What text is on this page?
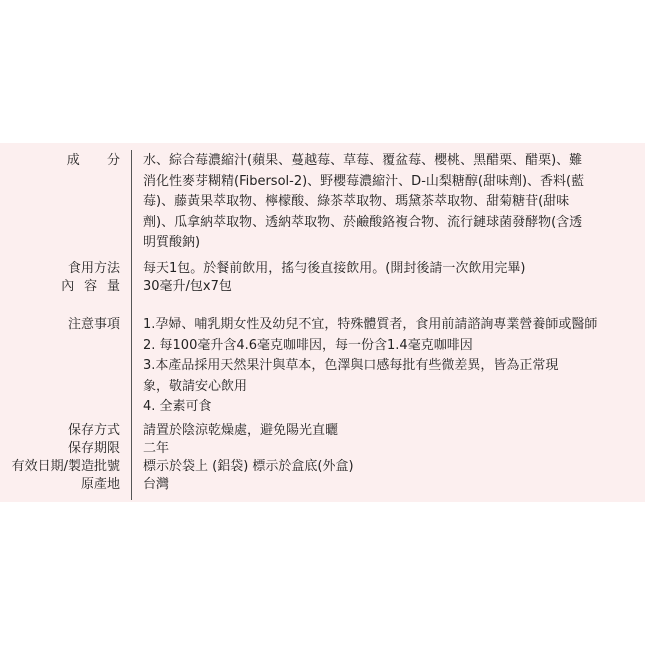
成　分 水、綜合莓濃縮汁(蘋果、蔓越莓、草莓、覆盆莓、櫻桃、黑醋栗、醋栗)、難
消化性麥芽糊精(Fibersol-2)、野櫻莓濃縮汁、D-山梨糖醇(甜味劑)、香料(藍
莓)、藤黃果萃取物、檸檬酸、綠茶萃取物、瑪黛茶萃取物、甜菊糖苷(甜味
劑)、瓜拿納萃取物、透納萃取物、菸鹼酸鉻複合物、流行鏈球菌發酵物(含透
明質酸鈉)
食用方法 每天1包。於餐前飲用，搖勻後直接飲用。(開封後請一次飲用完畢)
內 容 量 30毫升/包x7包
注意事項 1.孕婦、哺乳期女性及幼兒不宜，特殊體質者，食用前請諮詢專業營養師或醫師
2. 每100毫升含4.6毫克咖啡因，每一份含1.4毫克咖啡因
3.本產品採用天然果汁與草本，色澤與口感每批有些微差異，皆為正常現
象，敬請安心飲用
4. 全素可食
保存方式 請置於陰涼乾燥處，避免陽光直曬
保存期限 二年
有效日期/製造批號 標示於袋上 (鋁袋) 標示於盒底(外盒)
原產地 台灣
